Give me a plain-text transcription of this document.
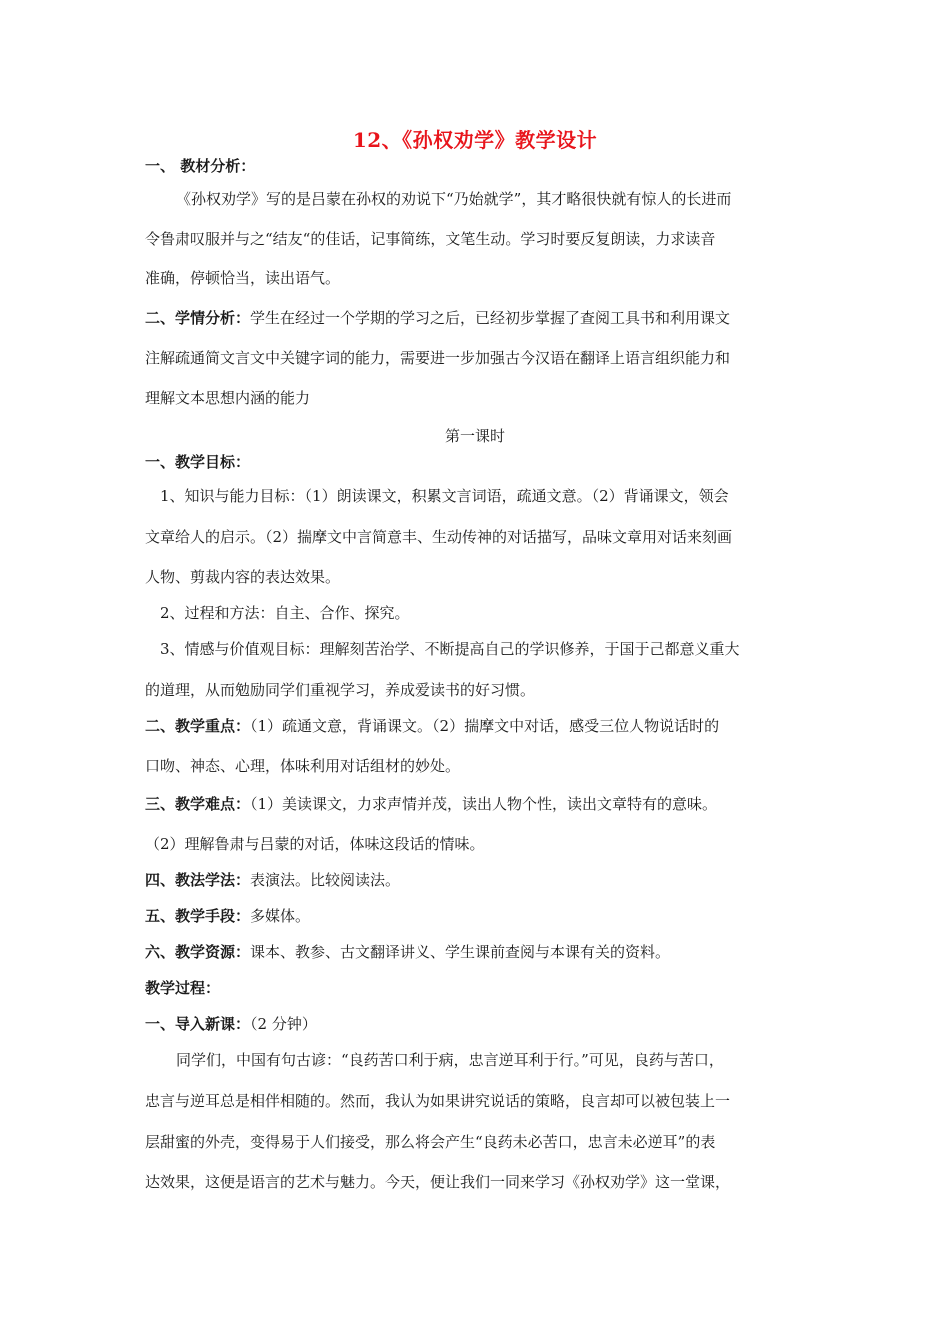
12、《孙权劝学》教学设计
一、 教材分析：
《孙权劝学》写的是吕蒙在孙权的劝说下“乃始就学”，其才略很快就有惊人的长进而
令鲁肃叹服并与之“结友“的佳话，记事简练，文笔生动。学习时要反复朗读，力求读音
准确，停顿恰当，读出语气。
二、学情分析：学生在经过一个学期的学习之后，已经初步掌握了查阅工具书和利用课文
注解疏通简文言文中关键字词的能力，需要进一步加强古今汉语在翻译上语言组织能力和
理解文本思想内涵的能力
第一课时
一、教学目标：
1、知识与能力目标：（1）朗读课文，积累文言词语，疏通文意。（2）背诵课文，领会
文章给人的启示。（2）揣摩文中言简意丰、生动传神的对话描写，品味文章用对话来刻画
人物、剪裁内容的表达效果。
2、过程和方法：自主、合作、探究。
3、情感与价值观目标：理解刻苦治学、不断提高自己的学识修养，于国于己都意义重大
的道理，从而勉励同学们重视学习，养成爱读书的好习惯。
二、教学重点：（1）疏通文意，背诵课文。（2）揣摩文中对话，感受三位人物说话时的
口吻、神态、心理，体味利用对话组材的妙处。
三、教学难点：（1）美读课文，力求声情并茂，读出人物个性，读出文章特有的意味。
（2）理解鲁肃与吕蒙的对话，体味这段话的情味。
四、教法学法：表演法。比较阅读法。
五、教学手段：多媒体。
六、教学资源：课本、教参、古文翻译讲义、学生课前查阅与本课有关的资料。
教学过程：
一、导入新课：（2 分钟）
同学们，中国有句古谚：“良药苦口利于病，忠言逆耳利于行。”可见，良药与苦口，
忠言与逆耳总是相伴相随的。然而，我认为如果讲究说话的策略，良言却可以被包装上一
层甜蜜的外壳，变得易于人们接受，那么将会产生“良药未必苦口，忠言未必逆耳”的表
达效果，这便是语言的艺术与魅力。今天，便让我们一同来学习《孙权劝学》这一堂课，
